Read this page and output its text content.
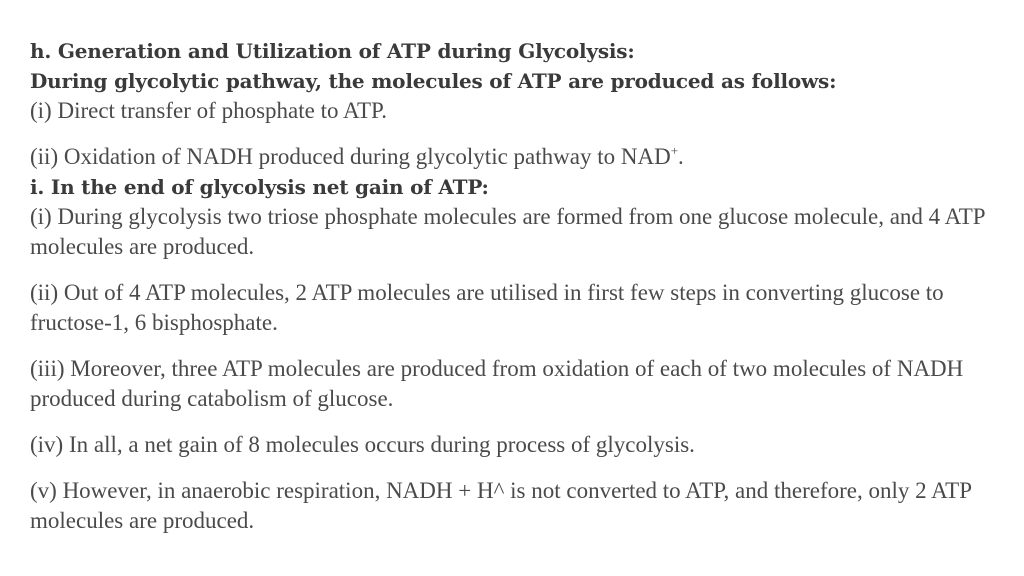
h. Generation and Utilization of ATP during Glycolysis:
During glycolytic pathway, the molecules of ATP are produced as follows:
(i) Direct transfer of phosphate to ATP.
(ii) Oxidation of NADH produced during glycolytic pathway to NAD+.
i. In the end of glycolysis net gain of ATP:
(i) During glycolysis two triose phosphate molecules are formed from one glucose molecule, and 4 ATP molecules are produced.
(ii) Out of 4 ATP molecules, 2 ATP molecules are utilised in first few steps in converting glucose to fructose-1, 6 bisphosphate.
(iii) Moreover, three ATP molecules are produced from oxidation of each of two molecules of NADH produced during catabolism of glucose.
(iv) In all, a net gain of 8 molecules occurs during process of glycolysis.
(v) However, in anaerobic respiration, NADH + H^ is not converted to ATP, and therefore, only 2 ATP molecules are produced.
